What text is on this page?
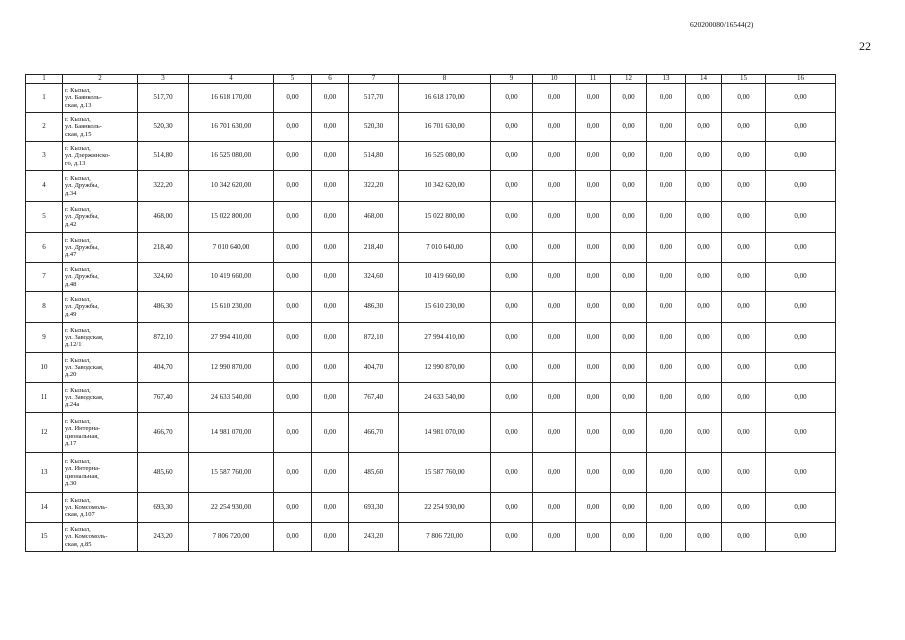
620200080/16544(2)
22
1	2	3	4	5	6	7	8	9	10	11	12	13	14	15	16
1	г. Кызыл,
ул. Баянколь-
ская, д.13	517,70	16 618 170,00	0,00	0,00	517,70	16 618 170,00	0,00	0,00	0,00	0,00	0,00	0,00	0,00	0,00
2	г. Кызыл,
ул. Баянколь-
ская, д.15	520,30	16 701 630,00	0,00	0,00	520,30	16 701 630,00	0,00	0,00	0,00	0,00	0,00	0,00	0,00	0,00
3	г. Кызыл,
ул. Дзержинско-
го, д.13	514,80	16 525 080,00	0,00	0,00	514,80	16 525 080,00	0,00	0,00	0,00	0,00	0,00	0,00	0,00	0,00
4	г. Кызыл,
ул. Дружбы,
д.34	322,20	10 342 620,00	0,00	0,00	322,20	10 342 620,00	0,00	0,00	0,00	0,00	0,00	0,00	0,00	0,00
5	г. Кызыл,
ул. Дружбы,
д.42	468,00	15 022 800,00	0,00	0,00	468,00	15 022 800,00	0,00	0,00	0,00	0,00	0,00	0,00	0,00	0,00
6	г. Кызыл,
ул. Дружбы,
д.47	218,40	7 010 640,00	0,00	0,00	218,40	7 010 640,00	0,00	0,00	0,00	0,00	0,00	0,00	0,00	0,00
7	г. Кызыл,
ул. Дружбы,
д.48	324,60	10 419 660,00	0,00	0,00	324,60	10 419 660,00	0,00	0,00	0,00	0,00	0,00	0,00	0,00	0,00
8	г. Кызыл,
ул. Дружбы,
д.49	486,30	15 610 230,00	0,00	0,00	486,30	15 610 230,00	0,00	0,00	0,00	0,00	0,00	0,00	0,00	0,00
9	г. Кызыл,
ул. Заводская,
д.12/1	872,10	27 994 410,00	0,00	0,00	872,10	27 994 410,00	0,00	0,00	0,00	0,00	0,00	0,00	0,00	0,00
10	г. Кызыл,
ул. Заводская,
д.20	404,70	12 990 870,00	0,00	0,00	404,70	12 990 870,00	0,00	0,00	0,00	0,00	0,00	0,00	0,00	0,00
11	г. Кызыл,
ул. Заводская,
д.24а	767,40	24 633 540,00	0,00	0,00	767,40	24 633 540,00	0,00	0,00	0,00	0,00	0,00	0,00	0,00	0,00
12	г. Кызыл,
ул. Интерна-
циональная,
д.17	466,70	14 981 070,00	0,00	0,00	466,70	14 981 070,00	0,00	0,00	0,00	0,00	0,00	0,00	0,00	0,00
13	г. Кызыл,
ул. Интерна-
циональная,
д.30	485,60	15 587 760,00	0,00	0,00	485,60	15 587 760,00	0,00	0,00	0,00	0,00	0,00	0,00	0,00	0,00
14	г. Кызыл,
ул. Комсомоль-
ская, д.107	693,30	22 254 930,00	0,00	0,00	693,30	22 254 930,00	0,00	0,00	0,00	0,00	0,00	0,00	0,00	0,00
15	г. Кызыл,
ул. Комсомоль-
ская, д.85	243,20	7 806 720,00	0,00	0,00	243,20	7 806 720,00	0,00	0,00	0,00	0,00	0,00	0,00	0,00	0,00
